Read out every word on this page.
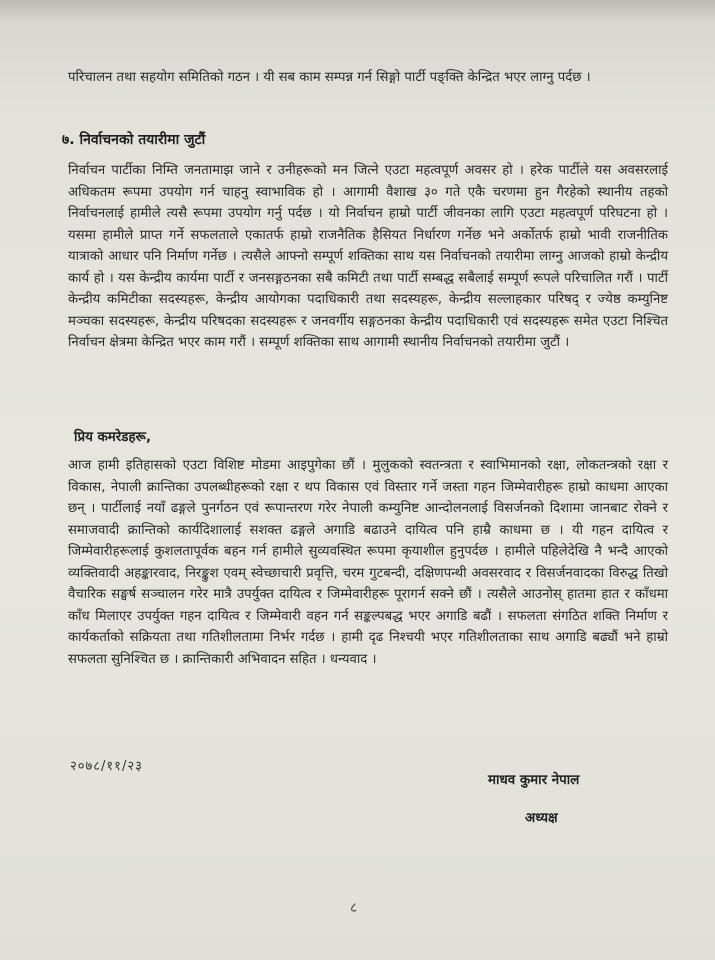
परिचालन तथा सहयोग समितिको गठन । यी सब काम सम्पन्न गर्न सिङ्गो पार्टी पङ्क्ति केन्द्रित भएर लाग्नु पर्दछ ।

७. निर्वाचनको तयारीमा जुटौं

निर्वाचन पार्टीका निम्ति जनतामाझ जाने र उनीहरूको मन जित्ने एउटा महत्वपूर्ण अवसर हो । हरेक पार्टीले यस अवसरलाई अधिकतम रूपमा उपयोग गर्न चाहनु स्वाभाविक हो । आगामी वैशाख ३० गते एकै चरणमा हुन गैरहेको स्थानीय तहको निर्वाचनलाई हामीले त्यसै रूपमा उपयोग गर्नु पर्दछ । यो निर्वाचन हाम्रो पार्टी जीवनका लागि एउटा महत्वपूर्ण परिघटना हो । यसमा हामीले प्राप्त गर्ने सफलताले एकातर्फ हाम्रो राजनैतिक हैसियत निर्धारण गर्नेछ भने अर्कोतर्फ हाम्रो भावी राजनीतिक यात्राको आधार पनि निर्माण गर्नेछ । त्यसैले आफ्नो सम्पूर्ण शक्तिका साथ यस निर्वाचनको तयारीमा लाग्नु आजको हाम्रो केन्द्रीय कार्य हो । यस केन्द्रीय कार्यमा पार्टी र जनसङ्गठनका सबै कमिटी तथा पार्टी सम्बद्ध सबैलाई सम्पूर्ण रूपले परिचालित गरौं । पार्टी केन्द्रीय कमिटीका सदस्यहरू, केन्द्रीय आयोगका पदाधिकारी तथा सदस्यहरू, केन्द्रीय सल्लाहकार परिषद् र ज्येष्ठ कम्युनिष्ट मञ्चका सदस्यहरू, केन्द्रीय परिषदका सदस्यहरू र जनवर्गीय सङ्गठनका केन्द्रीय पदाधिकारी एवं सदस्यहरू समेत एउटा निश्चित निर्वाचन क्षेत्रमा केन्द्रित भएर काम गरौं । सम्पूर्ण शक्तिका साथ आगामी स्थानीय निर्वाचनको तयारीमा जुटौं ।

प्रिय कमरेडहरू,

आज हामी इतिहासको एउटा विशिष्ट मोडमा आइपुगेका छौं । मुलुकको स्वतन्त्रता र स्वाभिमानको रक्षा, लोकतन्त्रको रक्षा र विकास, नेपाली क्रान्तिका उपलब्धीहरूको रक्षा र थप विकास एवं विस्तार गर्ने जस्ता गहन जिम्मेवारीहरू हाम्रो काधमा आएका छन् । पार्टीलाई नयाँ ढङ्गले पुनर्गठन एवं रूपान्तरण गरेर नेपाली कम्युनिष्ट आन्दोलनलाई विसर्जनको दिशामा जानबाट रोक्ने र समाजवादी क्रान्तिको कार्यदिशालाई सशक्त ढङ्गले अगाडि बढाउने दायित्व पनि हाम्रै काधमा छ । यी गहन दायित्व र जिम्मेवारीहरूलाई कुशलतापूर्वक बहन गर्न हामीले सुव्यवस्थित रूपमा कृयाशील हुनुपर्दछ । हामीले पहिलेदेखि नै भन्दै आएको व्यक्तिवादी अहङ्कारवाद, निरङ्कुश एवम् स्वेच्छाचारी प्रवृत्ति, चरम गुटबन्दी, दक्षिणपन्थी अवसरवाद र विसर्जनवादका विरुद्ध तिखो वैचारिक सङ्घर्ष सञ्चालन गरेर मात्रै उपर्युक्त दायित्व र जिम्मेवारीहरू पूरागर्न सक्ने छौं । त्यसैले आउनोस् हातमा हात र काँधमा काँध मिलाएर उपर्युक्त गहन दायित्व र जिम्मेवारी वहन गर्न सङ्कल्पबद्ध भएर अगाडि बढौं । सफलता संगठित शक्ति निर्माण र कार्यकर्ताको सक्रियता तथा गतिशीलतामा निर्भर गर्दछ । हामी दृढ निश्चयी भएर गतिशीलताका साथ अगाडि बढ्यौं भने हाम्रो सफलता सुनिश्चित छ । क्रान्तिकारी अभिवादन सहित । धन्यवाद ।

२०७८/११/२३

माधव कुमार नेपाल

अध्यक्ष

८
